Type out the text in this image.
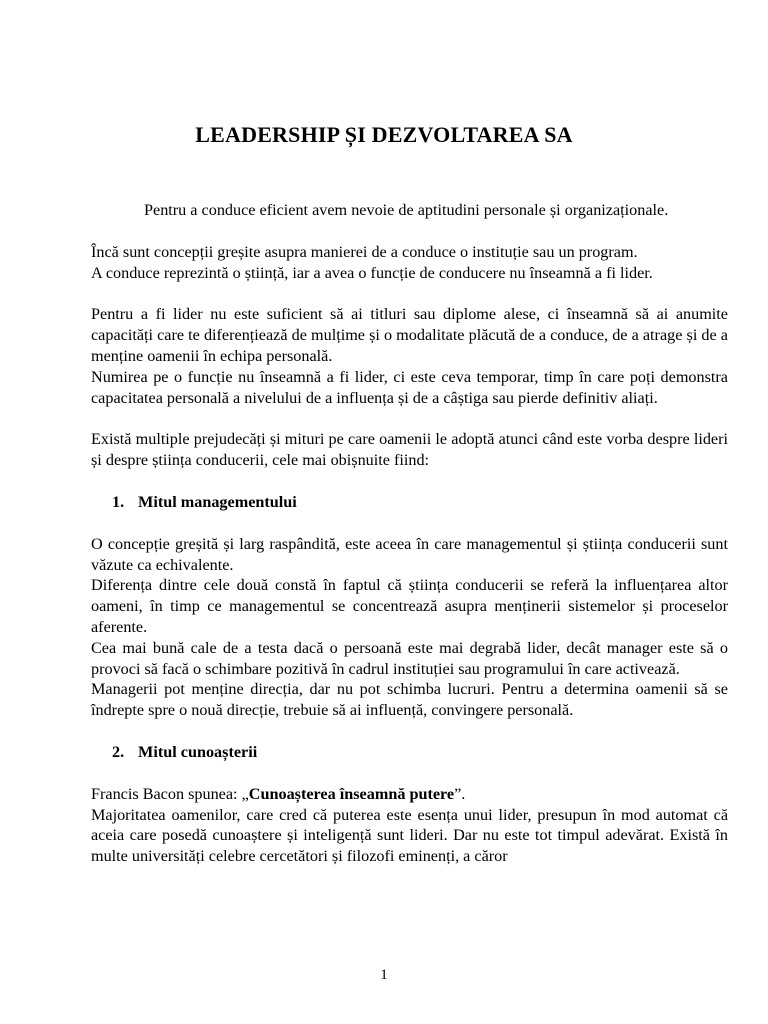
LEADERSHIP ȘI DEZVOLTAREA SA

Pentru a conduce eficient avem nevoie de aptitudini personale și organizaționale.

Încă sunt concepții greșite asupra manierei de a conduce o instituție sau un program.

A conduce reprezintă o știință, iar a avea o funcție de conducere nu înseamnă a fi lider.

Pentru a fi lider nu este suficient să ai titluri sau diplome alese, ci înseamnă să ai anumite capacități care te diferențiează de mulțime și o modalitate plăcută de a conduce, de a atrage și de a menține oamenii în echipa personală.

Numirea pe o funcție nu înseamnă a fi lider, ci este ceva temporar, timp în care poți demonstra capacitatea personală a nivelului de a influența și de a câștiga sau pierde definitiv aliați.

Există multiple prejudecăți și mituri pe care oamenii le adoptă atunci când este vorba despre lideri și despre știința conducerii, cele mai obișnuite fiind:

1. Mitul managementului

O concepție greșită și larg raspândită, este aceea în care managementul și știința conducerii sunt văzute ca echivalente.

Diferența dintre cele două constă în faptul că știința conducerii se referă la influențarea altor oameni, în timp ce managementul se concentrează asupra menținerii sistemelor și proceselor aferente.

Cea mai bună cale de a testa dacă o persoană este mai degrabă lider, decât manager este să o provoci să facă o schimbare pozitivă în cadrul instituției sau programului în care activează.

Managerii pot menține direcția, dar nu pot schimba lucruri. Pentru a determina oamenii să se îndrepte spre o nouă direcție, trebuie să ai influență, convingere personală.

2. Mitul cunoașterii

Francis Bacon spunea: „Cunoașterea înseamnă putere”.

Majoritatea oamenilor, care cred că puterea este esența unui lider, presupun în mod automat că aceia care posedă cunoaștere și inteligență sunt lideri. Dar nu este tot timpul adevărat. Există în multe universități celebre cercetători și filozofi eminenți, a căror

1
